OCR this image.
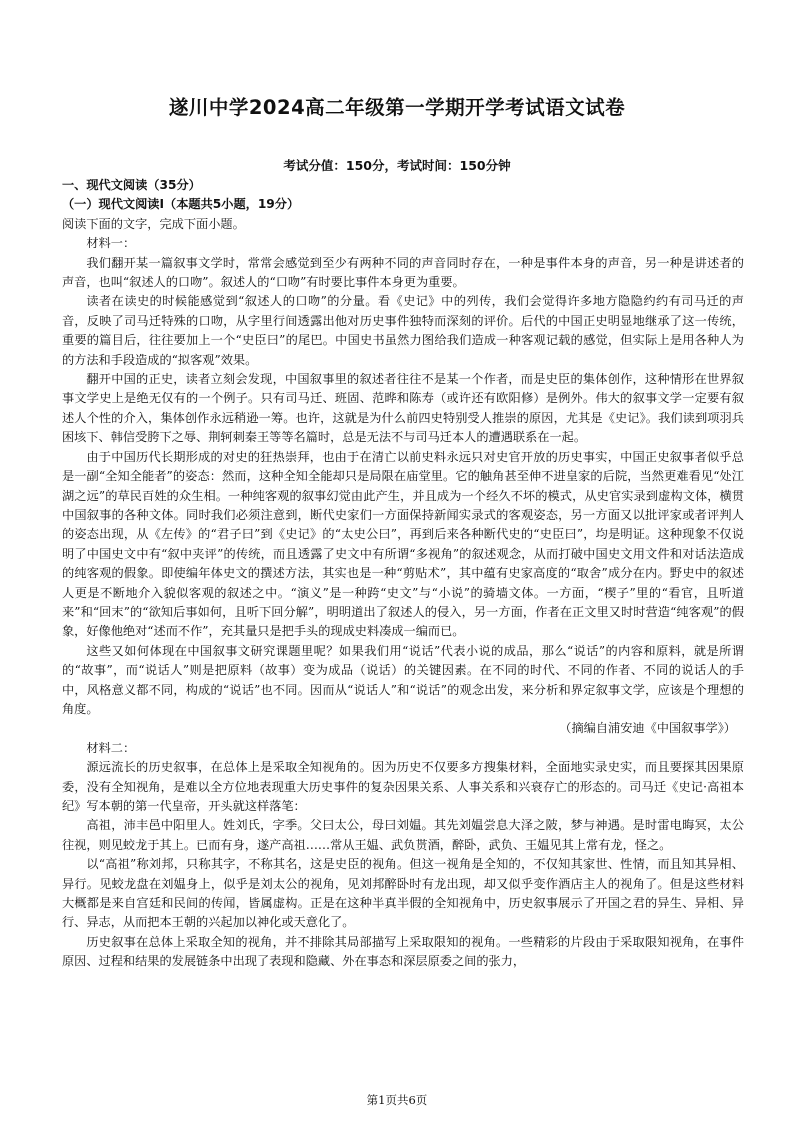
遂川中学2024高二年级第一学期开学考试语文试卷
考试分值：150分，考试时间：150分钟

一、现代文阅读（35分）

（一）现代文阅读Ⅰ（本题共5小题，19分）

阅读下面的文字，完成下面小题。

材料一：

我们翻开某一篇叙事文学时，常常会感觉到至少有两种不同的声音同时存在，一种是事件本身的声音，另一种是讲述者的声音，也叫“叙述人的口吻”。叙述人的“口吻”有时要比事件本身更为重要。

读者在读史的时候能感觉到“叙述人的口吻”的分量。看《史记》中的列传，我们会觉得许多地方隐隐约约有司马迁的声音，反映了司马迁特殊的口吻，从字里行间透露出他对历史事件独特而深刻的评价。后代的中国正史明显地继承了这一传统，重要的篇目后，往往要加上一个“史臣曰”的尾巴。中国史书虽然力图给我们造成一种客观记载的感觉，但实际上是用各种人为的方法和手段造成的“拟客观”效果。

翻开中国的正史，读者立刻会发现，中国叙事里的叙述者往往不是某一个作者，而是史臣的集体创作，这种情形在世界叙事文学史上是绝无仅有的一个例子。只有司马迁、班固、范晔和陈寿（或许还有欧阳修）是例外。伟大的叙事文学一定要有叙述人个性的介入，集体创作永远稍逊一筹。也许，这就是为什么前四史特别受人推崇的原因，尤其是《史记》。我们读到项羽兵困垓下、韩信受胯下之辱、荆轲刺秦王等等名篇时，总是无法不与司马迁本人的遭遇联系在一起。

由于中国历代长期形成的对史的狂热崇拜，也由于在清亡以前史料永远只对史官开放的历史事实，中国正史叙事者似乎总是一副“全知全能者”的姿态：然而，这种全知全能却只是局限在庙堂里。它的触角甚至伸不进皇家的后院，当然更难看见“处江湖之远”的草民百姓的众生相。一种纯客观的叙事幻觉由此产生，并且成为一个经久不坏的模式，从史官实录到虚构文体，横贯中国叙事的各种文体。同时我们必须注意到，断代史家们一方面保持新闻实录式的客观姿态，另一方面又以批评家或者评判人的姿态出现，从《左传》的“君子曰”到《史记》的“太史公曰”，再到后来各种断代史的“史臣曰”，均是明证。这种现象不仅说明了中国史文中有“叙中夹评”的传统，而且透露了史文中有所谓“多视角”的叙述观念，从而打破中国史文用文件和对话法造成的纯客观的假象。即使编年体史文的撰述方法，其实也是一种“剪贴术”，其中蕴有史家高度的“取舍”成分在内。野史中的叙述人更是不断地介入貌似客观的叙述之中。“演义”是一种跨“史文”与“小说”的骑墙文体。一方面，“楔子”里的“看官，且听道来”和“回末”的“欲知后事如何，且听下回分解”，明明道出了叙述人的侵入，另一方面，作者在正文里又时时营造“纯客观”的假象，好像他绝对“述而不作”，充其量只是把手头的现成史料凑成一编而已。

这些又如何体现在中国叙事文研究课题里呢？如果我们用“说话”代表小说的成品，那么“说话”的内容和原料，就是所谓的“故事”，而“说话人”则是把原料（故事）变为成品（说话）的关键因素。在不同的时代、不同的作者、不同的说话人的手中，风格意义都不同，构成的“说话”也不同。因而从“说话人”和“说话”的观念出发，来分析和界定叙事文学，应该是个理想的角度。

（摘编自浦安迪《中国叙事学》）

材料二：

源远流长的历史叙事，在总体上是采取全知视角的。因为历史不仅要多方搜集材料，全面地实录史实，而且要探其因果原委，没有全知视角，是难以全方位地表现重大历史事件的复杂因果关系、人事关系和兴衰存亡的形态的。司马迁《史记·高祖本纪》写本朝的第一代皇帝，开头就这样落笔：

高祖，沛丰邑中阳里人。姓刘氏，字季。父曰太公，母曰刘媪。其先刘媪尝息大泽之陂，梦与神遇。是时雷电晦冥，太公往视，则见蛟龙于其上。已而有身，遂产高祖……常从王媪、武负贳酒，醉卧，武负、王媪见其上常有龙，怪之。

以“高祖”称刘邦，只称其字，不称其名，这是史臣的视角。但这一视角是全知的，不仅知其家世、性情，而且知其异相、异行。见蛟龙盘在刘媪身上，似乎是刘太公的视角，见刘邦醉卧时有龙出现，却又似乎变作酒店主人的视角了。但是这些材料大概都是来自宫廷和民间的传闻，皆属虚构。正是在这种半真半假的全知视角中，历史叙事展示了开国之君的异生、异相、异行、异志，从而把本王朝的兴起加以神化或天意化了。

历史叙事在总体上采取全知的视角，并不排除其局部描写上采取限知的视角。一些精彩的片段由于采取限知视角，在事件原因、过程和结果的发展链条中出现了表现和隐藏、外在事态和深层原委之间的张力，

第1页共6页
